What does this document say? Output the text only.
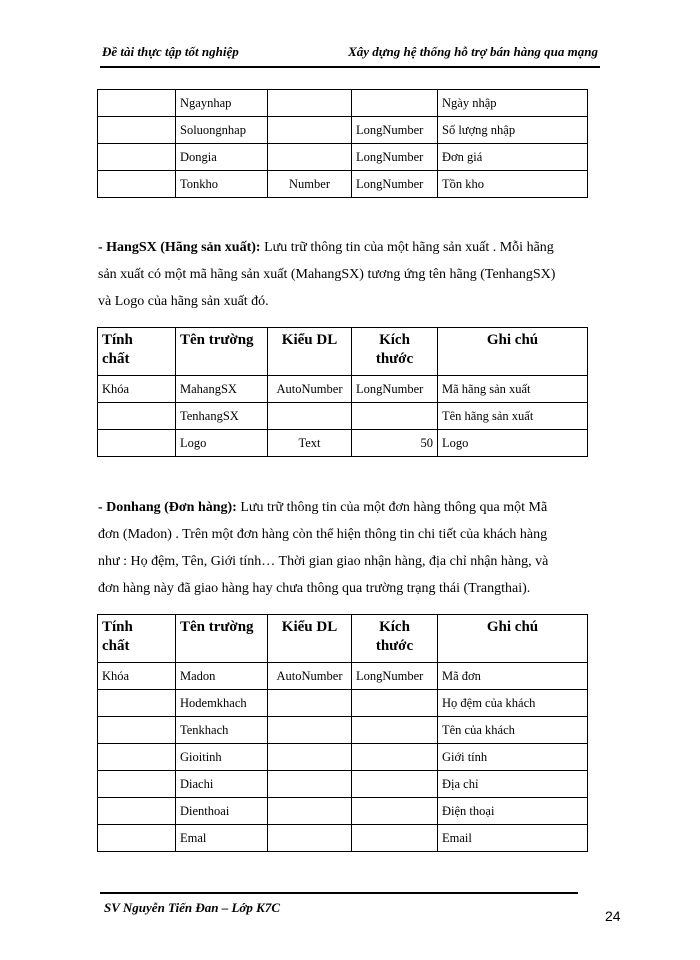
Đề tài thực tập tốt nghiệp	Xây dựng hệ thống hỗ trợ bán hàng qua mạng
	Ngaynhap			Ngày nhập
	Soluongnhap		LongNumber	Số lượng nhập
	Dongia		LongNumber	Đơn giá
	Tonkho	Number	LongNumber	Tồn kho
- HangSX (Hãng sản xuất): Lưu trữ thông tin của một hãng sản xuất . Mỗi hãng
sản xuất có một mã hãng sản xuất (MahangSX) tương ứng tên hãng (TenhangSX)
và Logo của hãng sản xuất đó.
Tính
chất	Tên trường	Kiểu DL	Kích
thước	Ghi chú
Khóa	MahangSX	AutoNumber	LongNumber	Mã hãng sản xuất
	TenhangSX			Tên hãng sản xuất
	Logo	Text	50	Logo
- Donhang (Đơn hàng): Lưu trữ thông tin của một đơn hàng thông qua một Mã
đơn (Madon) . Trên một đơn hàng còn thể hiện thông tin chi tiết của khách hàng
như : Họ đệm, Tên, Giới tính… Thời gian giao nhận hàng, địa chỉ nhận hàng, và
đơn hàng này đã giao hàng hay chưa thông qua trường trạng thái (Trangthai).
Tính
chất	Tên trường	Kiểu DL	Kích
thước	Ghi chú
Khóa	Madon	AutoNumber	LongNumber	Mã đơn
	Hodemkhach			Họ đệm của khách
	Tenkhach			Tên của khách
	Gioitinh			Giới tính
	Diachi			Địa chỉ
	Dienthoai			Điện thoại
	Emal			Email
SV Nguyễn Tiến Đan – Lớp K7C
24
